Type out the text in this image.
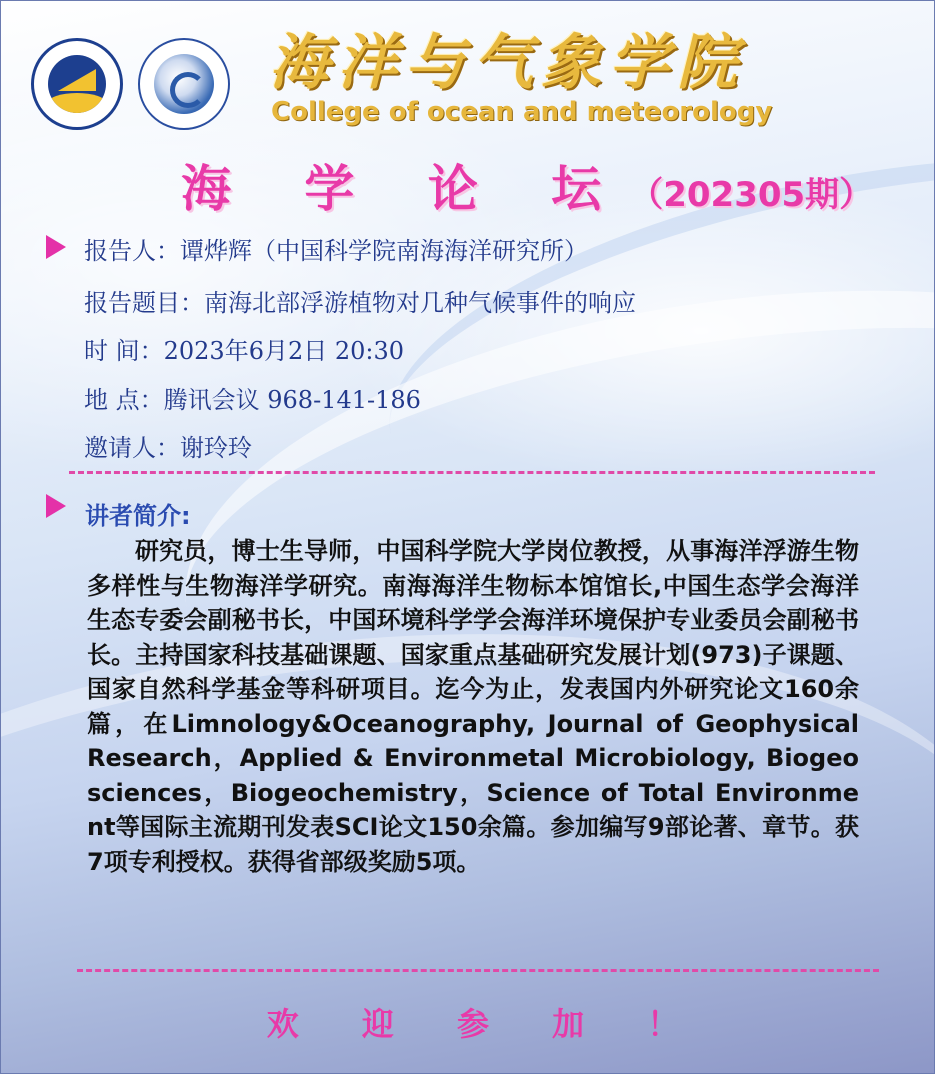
海洋与气象学院
College of ocean and meteorology
海 学 论 坛（202305期）
报告人：谭烨辉（中国科学院南海海洋研究所）
报告题目：南海北部浮游植物对几种气候事件的响应
时 间：2023年6月2日 20:30
地 点：腾讯会议 968-141-186
邀请人：谢玲玲
讲者简介:
研究员，博士生导师，中国科学院大学岗位教授，从事海洋浮游生物多样性与生物海洋学研究。南海海洋生物标本馆馆长,中国生态学会海洋生态专委会副秘书长，中国环境科学学会海洋环境保护专业委员会副秘书长。主持国家科技基础课题、国家重点基础研究发展计划(973)子课题、国家自然科学基金等科研项目。迄今为止，发表国内外研究论文160余篇，在Limnology&Oceanography, Journal of Geophysical Research，Applied & Environmetal Microbiology, Biogeosciences，Biogeochemistry，Science of Total Environment等国际主流期刊发表SCI论文150余篇。参加编写9部论著、章节。获7项专利授权。获得省部级奖励5项。
欢 迎 参 加 ！
